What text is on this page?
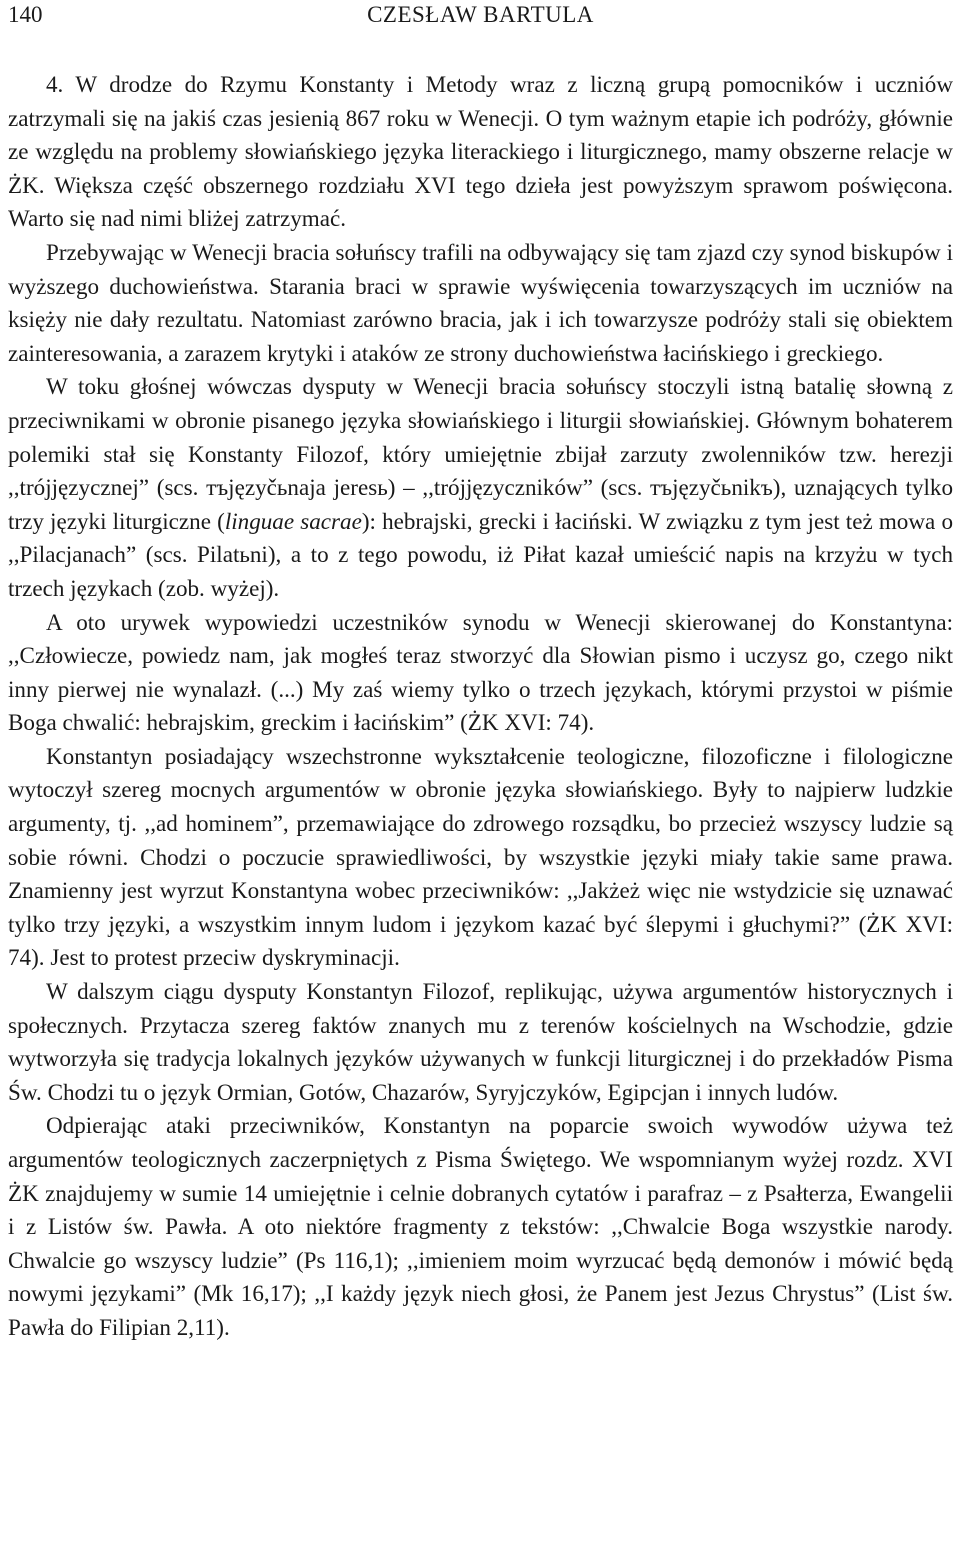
140	CZESŁAW BARTULA

4. W drodze do Rzymu Konstanty i Metody wraz z liczną grupą pomocników i uczniów zatrzymali się na jakiś czas jesienią 867 roku w Wenecji. O tym ważnym etapie ich podróży, głównie ze względu na problemy słowiańskiego języka literackiego i liturgicznego, mamy obszerne relacje w ŻK. Większa część obszernego rozdziału XVI tego dzieła jest powyższym sprawom poświęcona. Warto się nad nimi bliżej zatrzymać.

Przebywając w Wenecji bracia sołuńscy trafili na odbywający się tam zjazd czy synod biskupów i wyższego duchowieństwa. Starania braci w sprawie wyświęcenia towarzyszących im uczniów na księży nie dały rezultatu. Natomiast zarówno bracia, jak i ich towarzysze podróży stali się obiektem zainteresowania, a zarazem krytyki i ataków ze strony duchowieństwa łacińskiego i greckiego.

W toku głośnej wówczas dysputy w Wenecji bracia sołuńscy stoczyli istną batalię słowną z przeciwnikami w obronie pisanego języka słowiańskiego i liturgii słowiańskiej. Głównym bohaterem polemiki stał się Konstanty Filozof, który umiejętnie zbijał zarzuty zwolenników tzw. herezji ,,trójjęzycznej” (scs. тъjęzyčьnaja jeresь) – ,,trójjęzyczników” (scs. тъjęzyčьnikъ), uznających tylko trzy języki liturgiczne (linguae sacrae): hebrajski, grecki i łaciński. W związku z tym jest też mowa o ,,Pilacjanach” (scs. Pilatьni), a to z tego powodu, iż Piłat kazał umieścić napis na krzyżu w tych trzech językach (zob. wyżej).

A oto urywek wypowiedzi uczestników synodu w Wenecji skierowanej do Konstantyna: ,,Człowiecze, powiedz nam, jak mogłeś teraz stworzyć dla Słowian pismo i uczysz go, czego nikt inny pierwej nie wynalazł. (...) My zaś wiemy tylko o trzech językach, którymi przystoi w piśmie Boga chwalić: hebrajskim, greckim i łacińskim” (ŻK XVI: 74).

Konstantyn posiadający wszechstronne wykształcenie teologiczne, filozoficzne i filologiczne wytoczył szereg mocnych argumentów w obronie języka słowiańskiego. Były to najpierw ludzkie argumenty, tj. ,,ad hominem”, przemawiające do zdrowego rozsądku, bo przecież wszyscy ludzie są sobie równi. Chodzi o poczucie sprawiedliwości, by wszystkie języki miały takie same prawa. Znamienny jest wyrzut Konstantyna wobec przeciwników: ,,Jakżeż więc nie wstydzicie się uznawać tylko trzy języki, a wszystkim innym ludom i językom kazać być ślepymi i głuchymi?” (ŻK XVI: 74). Jest to protest przeciw dyskryminacji.

W dalszym ciągu dysputy Konstantyn Filozof, replikując, używa argumentów historycznych i społecznych. Przytacza szereg faktów znanych mu z terenów kościelnych na Wschodzie, gdzie wytworzyła się tradycja lokalnych języków używanych w funkcji liturgicznej i do przekładów Pisma Św. Chodzi tu o język Ormian, Gotów, Chazarów, Syryjczyków, Egipcjan i innych ludów.

Odpierając ataki przeciwników, Konstantyn na poparcie swoich wywodów używa też argumentów teologicznych zaczerpniętych z Pisma Świętego. We wspomnianym wyżej rozdz. XVI ŻK znajdujemy w sumie 14 umiejętnie i celnie dobranych cytatów i parafraz – z Psałterza, Ewangelii i z Listów św. Pawła. A oto niektóre fragmenty z tekstów: ,,Chwalcie Boga wszystkie narody. Chwalcie go wszyscy ludzie” (Ps 116,1); ,,imieniem moim wyrzucać będą demonów i mówić będą nowymi językami” (Mk 16,17); ,,I każdy język niech głosi, że Panem jest Jezus Chrystus” (List św. Pawła do Filipian 2,11).
